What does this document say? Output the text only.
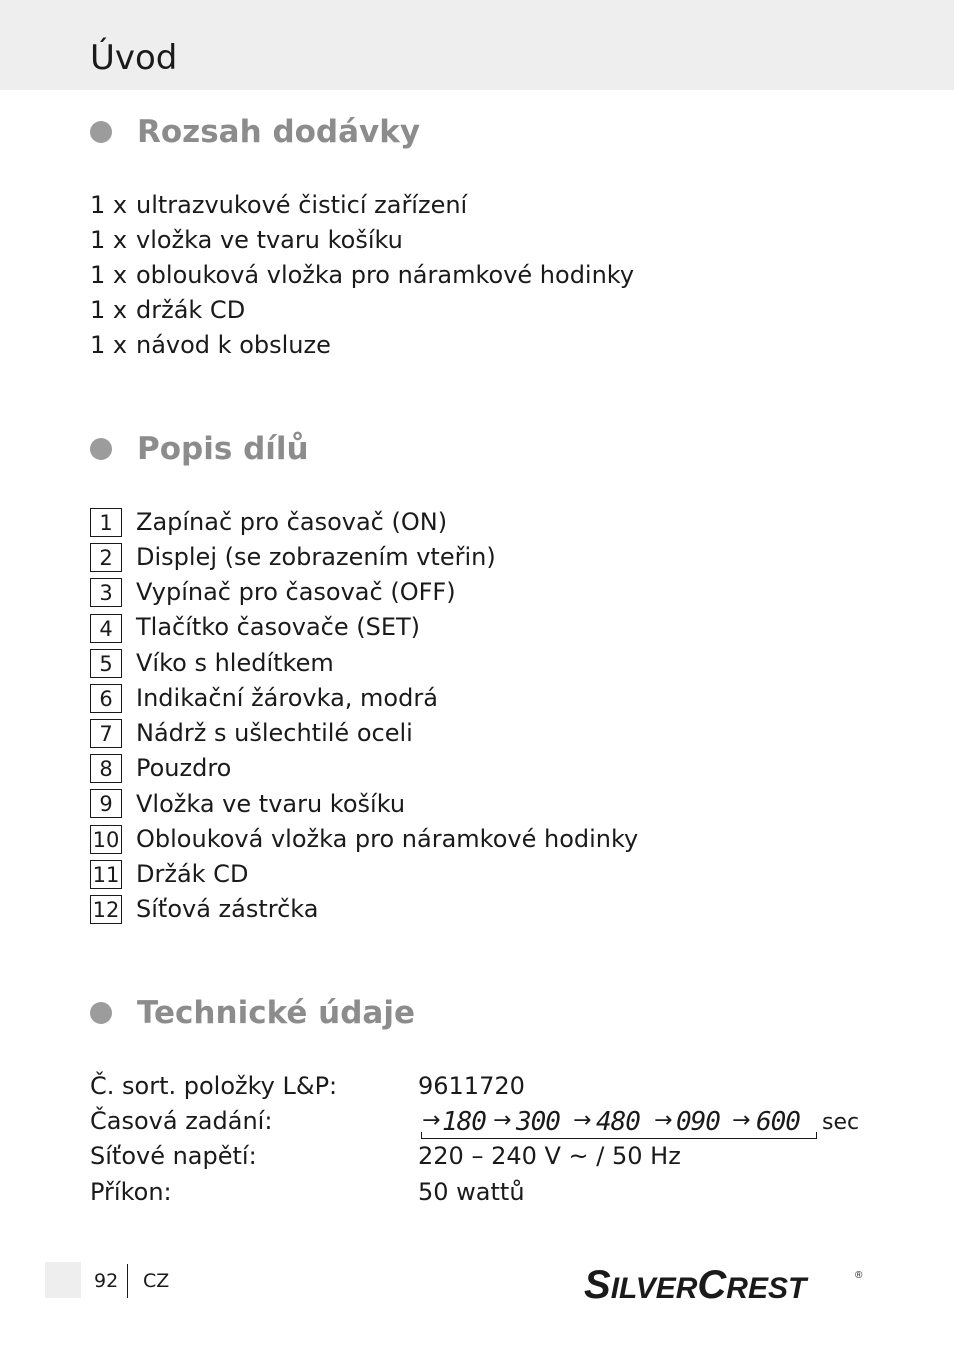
Úvod
Rozsah dodávky
1 x ultrazvukové čisticí zařízení
1 x vložka ve tvaru košíku
1 x oblouková vložka pro náramkové hodinky
1 x držák CD
1 x návod k obsluze
Popis dílů
1 Zapínač pro časovač (ON)
2 Displej (se zobrazením vteřin)
3 Vypínač pro časovač (OFF)
4 Tlačítko časovače (SET)
5 Víko s hledítkem
6 Indikační žárovka, modrá
7 Nádrž s ušlechtilé oceli
8 Pouzdro
9 Vložka ve tvaru košíku
10 Oblouková vložka pro náramkové hodinky
11 Držák CD
12 Síťová zástrčka
Technické údaje
Č. sort. položky L&P:	9611720
Časová zadání:	→ 180 → 300 → 480 → 090 → 600 sec
Síťové napětí:	220 – 240 V ~ / 50 Hz
Příkon:	50 wattů
92 CZ	SILVERCREST	®
